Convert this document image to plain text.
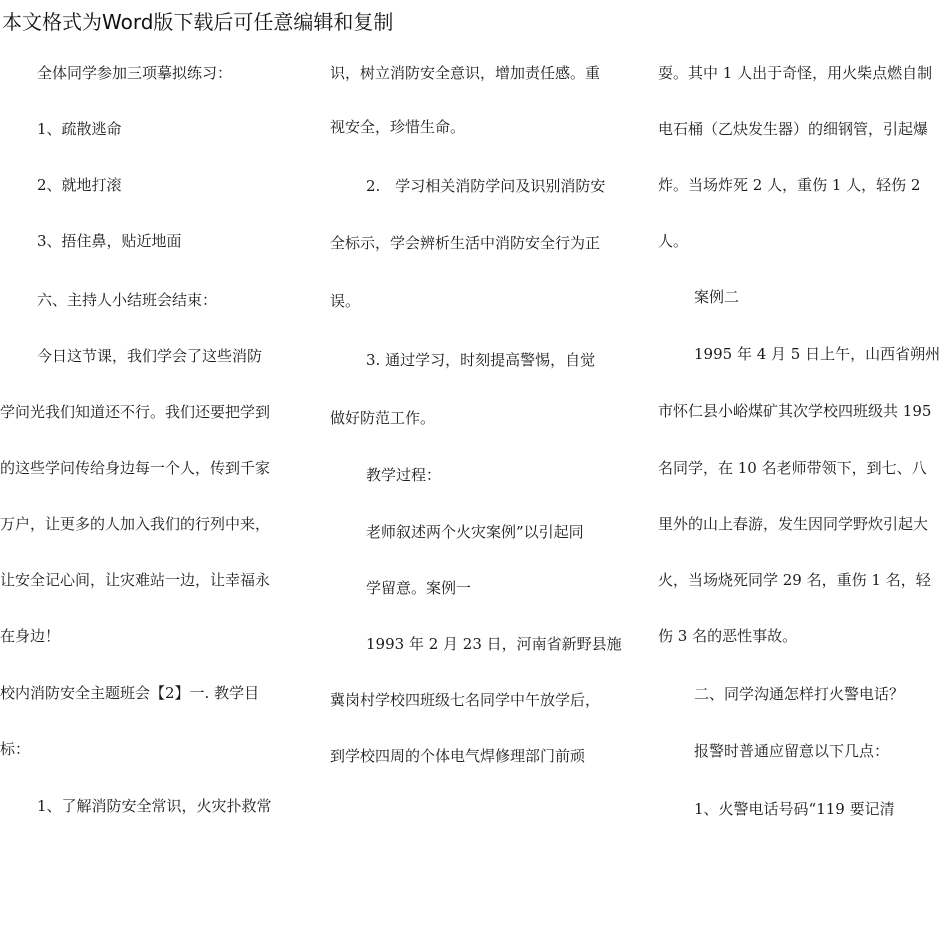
本文格式为Word版下载后可任意编辑和复制
全体同学参加三项摹拟练习：
1、疏散逃命
2、就地打滚
3、捂住鼻，贴近地面
六、主持人小结班会结束：
今日这节课，我们学会了这些消防
学问光我们知道还不行。我们还要把学到
的这些学问传给身边每一个人，传到千家
万户，让更多的人加入我们的行列中来，
让安全记心间，让灾难站一边，让幸福永
在身边！
校内消防安全主题班会【2】一. 教学目
标：
1、了解消防安全常识，火灾扑救常
识，树立消防安全意识，增加责任感。重
视安全，珍惜生命。
2.　学习相关消防学问及识别消防安
全标示，学会辨析生活中消防安全行为正
误。
3. 通过学习，时刻提高警惕，自觉
做好防范工作。
教学过程：
老师叙述两个火灾案例”以引起同
学留意。案例一
1993 年 2 月 23 日，河南省新野县施
冀岗村学校四班级七名同学中午放学后，
到学校四周的个体电气焊修理部门前顽
耍。其中 1 人出于奇怪，用火柴点燃自制
电石桶（乙炔发生器）的细钢管，引起爆
炸。当场炸死 2 人，重伤 1 人，轻伤 2
人。
案例二
1995 年 4 月 5 日上午，山西省朔州
市怀仁县小峪煤矿其次学校四班级共 195
名同学，在 10 名老师带领下，到七、八
里外的山上春游，发生因同学野炊引起大
火，当场烧死同学 29 名，重伤 1 名，轻
伤 3 名的恶性事故。
二、同学沟通怎样打火警电话？
报警时普通应留意以下几点：
1、火警电话号码“119 要记清
